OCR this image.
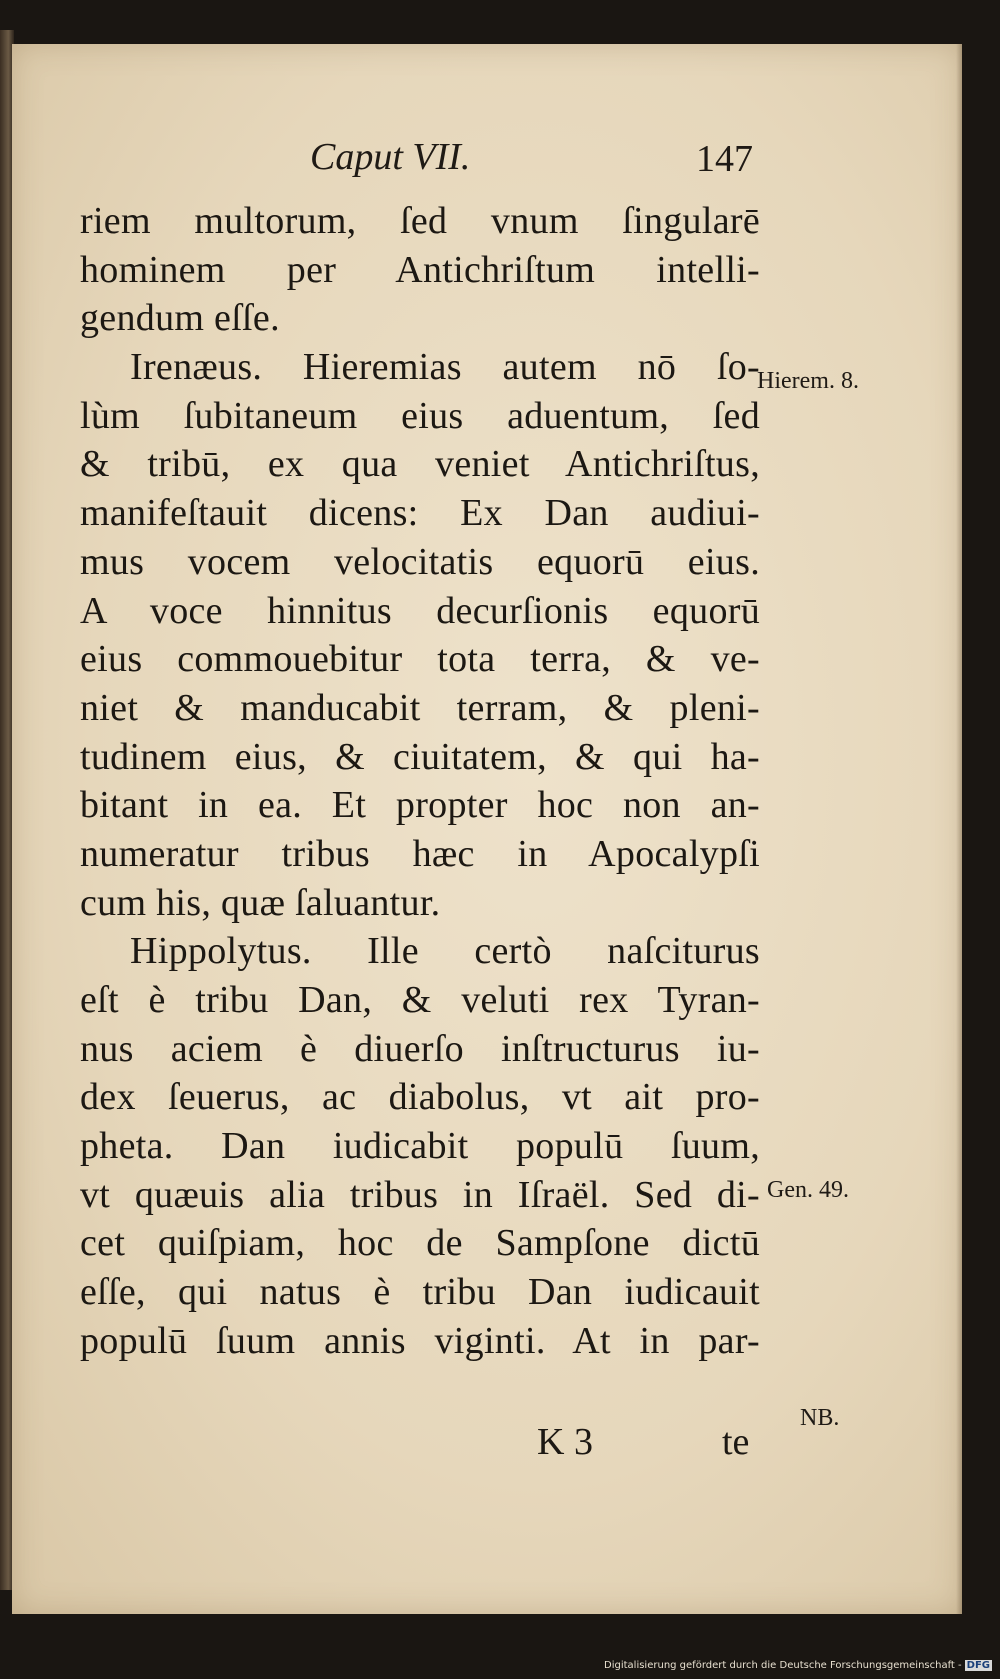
Caput VII.	147
riem multorum, ſed vnum ſingularē
hominem per Antichriſtum intelli-
gendum eſſe.
Irenæus. Hieremias autem nō ſo-
lùm ſubitaneum eius aduentum, ſed
& tribū, ex qua veniet Antichriſtus,
manifeſtauit dicens: Ex Dan audiui-
mus vocem velocitatis equorū eius.
A voce hinnitus decurſionis equorū
eius commouebitur tota terra, & ve-
niet & manducabit terram, & pleni-
tudinem eius, & ciuitatem, & qui ha-
bitant in ea. Et propter hoc non an-
numeratur tribus hæc in Apocalypſi
cum his, quæ ſaluantur.
Hippolytus. Ille certò naſciturus
eſt è tribu Dan, & veluti rex Tyran-
nus aciem è diuerſo inſtructurus iu-
dex ſeuerus, ac diabolus, vt ait pro-
pheta. Dan iudicabit populū ſuum,
vt quæuis alia tribus in Iſraël. Sed di-
cet quiſpiam, hoc de Sampſone dictū
eſſe, qui natus è tribu Dan iudicauit
populū ſuum annis viginti. At in par-
Hierem. 8.
Gen. 49.
NB.
K 3	te
Digitalisierung gefördert durch die Deutsche Forschungsgemeinschaft - DFG
